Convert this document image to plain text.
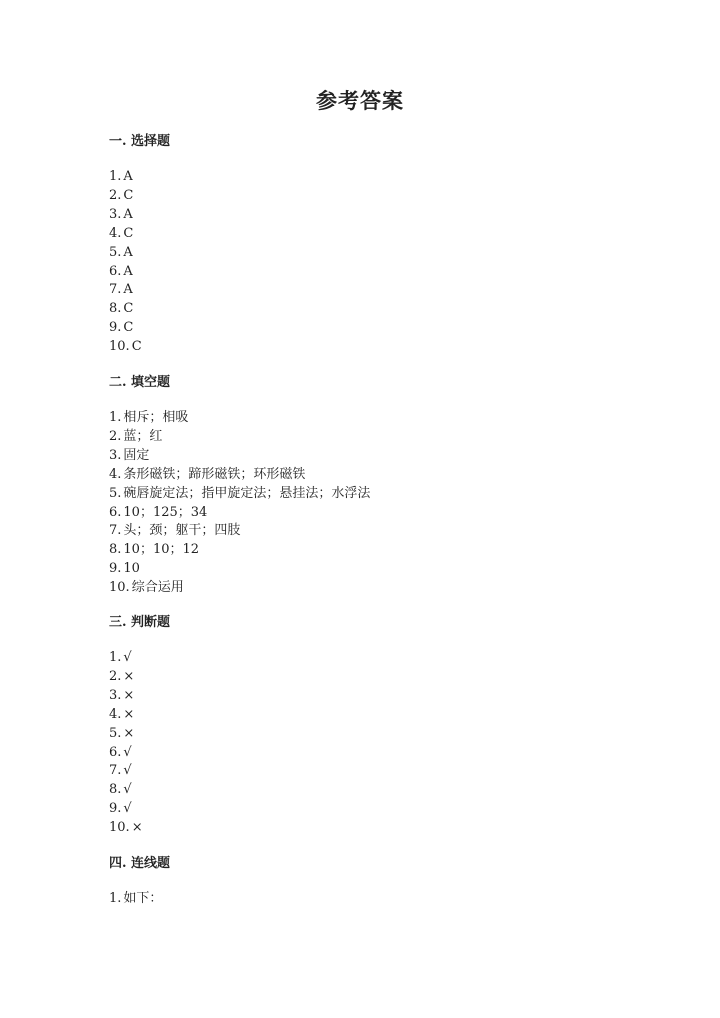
参考答案
一. 选择题
1. A
2. C
3. A
4. C
5. A
6. A
7. A
8. C
9. C
10. C
二. 填空题
1. 相斥；相吸
2. 蓝；红
3. 固定
4. 条形磁铁；蹄形磁铁；环形磁铁
5. 碗唇旋定法；指甲旋定法；悬挂法；水浮法
6. 10；125；34
7. 头；颈；躯干；四肢
8. 10；10；12
9. 10
10. 综合运用
三. 判断题
1. √
2. ×
3. ×
4. ×
5. ×
6. √
7. √
8. √
9. √
10. ×
四. 连线题
1. 如下：
